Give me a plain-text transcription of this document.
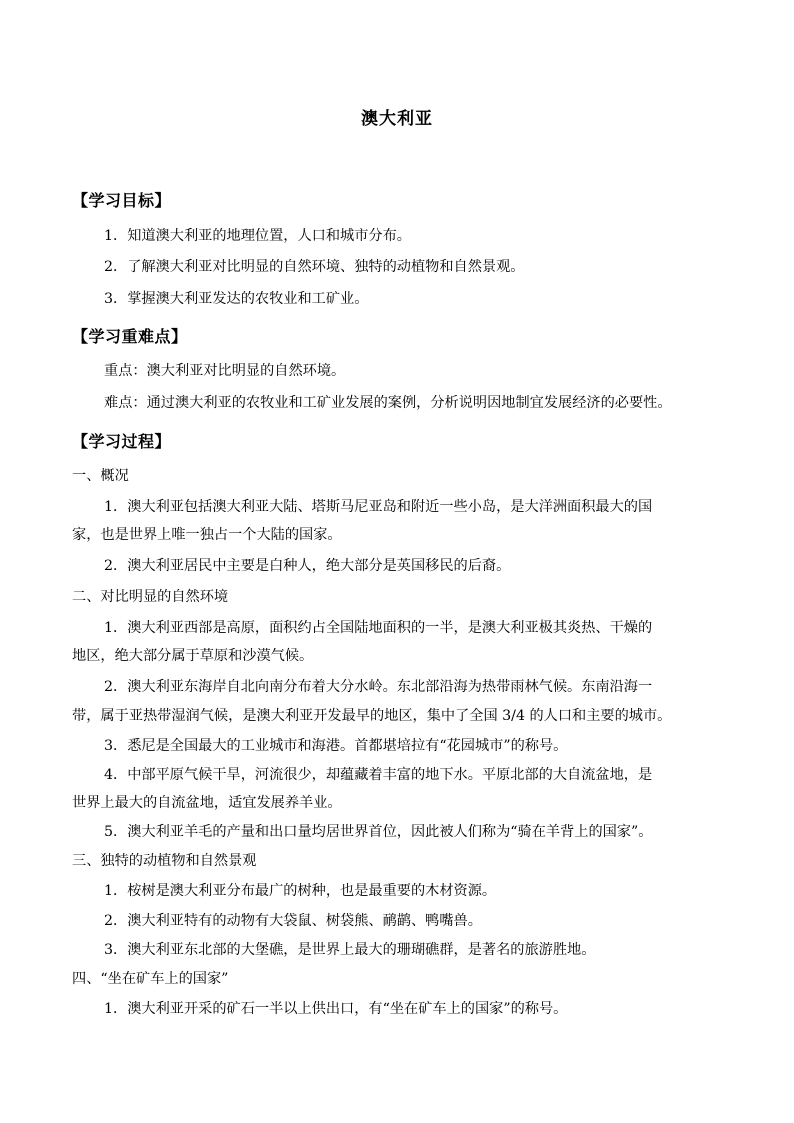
澳大利亚
【学习目标】
1．知道澳大利亚的地理位置，人口和城市分布。
2．了解澳大利亚对比明显的自然环境、独特的动植物和自然景观。
3．掌握澳大利亚发达的农牧业和工矿业。
【学习重难点】
重点：澳大利亚对比明显的自然环境。
难点：通过澳大利亚的农牧业和工矿业发展的案例，分析说明因地制宜发展经济的必要性。
【学习过程】
一、概况
1．澳大利亚包括澳大利亚大陆、塔斯马尼亚岛和附近一些小岛，是大洋洲面积最大的国
家，也是世界上唯一独占一个大陆的国家。
2．澳大利亚居民中主要是白种人，绝大部分是英国移民的后裔。
二、对比明显的自然环境
1．澳大利亚西部是高原，面积约占全国陆地面积的一半，是澳大利亚极其炎热、干燥的
地区，绝大部分属于草原和沙漠气候。
2．澳大利亚东海岸自北向南分布着大分水岭。东北部沿海为热带雨林气候。东南沿海一
带，属于亚热带湿润气候，是澳大利亚开发最早的地区，集中了全国 3/4 的人口和主要的城市。
3．悉尼是全国最大的工业城市和海港。首都堪培拉有“花园城市”的称号。
4．中部平原气候干旱，河流很少，却蕴藏着丰富的地下水。平原北部的大自流盆地，是
世界上最大的自流盆地，适宜发展养羊业。
5．澳大利亚羊毛的产量和出口量均居世界首位，因此被人们称为“骑在羊背上的国家”。
三、独特的动植物和自然景观
1．桉树是澳大利亚分布最广的树种，也是最重要的木材资源。
2．澳大利亚特有的动物有大袋鼠、树袋熊、鸸鹋、鸭嘴兽。
3．澳大利亚东北部的大堡礁，是世界上最大的珊瑚礁群，是著名的旅游胜地。
四、“坐在矿车上的国家”
1．澳大利亚开采的矿石一半以上供出口，有“坐在矿车上的国家”的称号。
